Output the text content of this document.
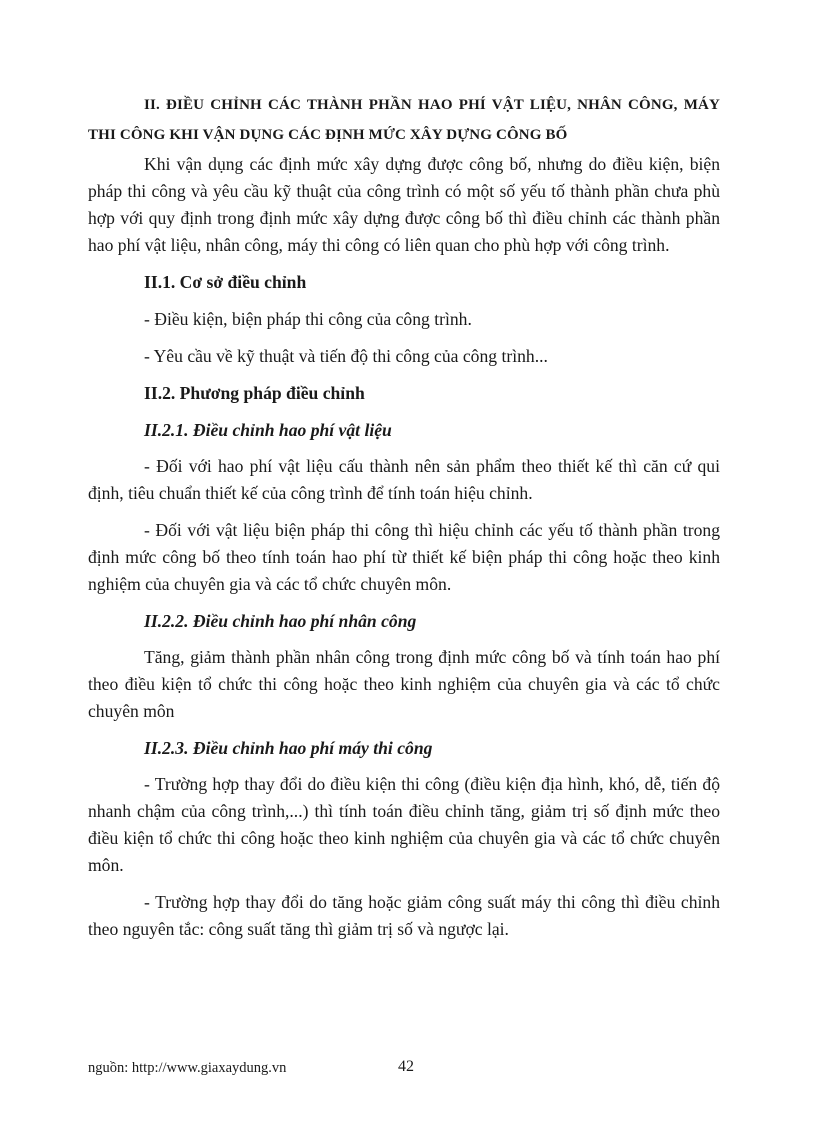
II. ĐIỀU CHỈNH CÁC THÀNH PHẦN HAO PHÍ VẬT LIỆU, NHÂN CÔNG, MÁY THI CÔNG KHI VẬN DỤNG CÁC ĐỊNH MỨC XÂY DỰNG CÔNG BỐ

Khi vận dụng các định mức xây dựng được công bố, nhưng do điều kiện, biện pháp thi công và yêu cầu kỹ thuật của công trình có một số yếu tố thành phần chưa phù hợp với quy định trong định mức xây dựng được công bố thì điều chỉnh các thành phần hao phí vật liệu, nhân công, máy thi công có liên quan cho phù hợp với công trình.

II.1. Cơ sở điều chỉnh

- Điều kiện, biện pháp thi công của công trình.

- Yêu cầu về kỹ thuật và tiến độ thi công của công trình...

II.2. Phương pháp điều chỉnh
II.2.1. Điều chỉnh hao phí vật liệu

- Đối với hao phí vật liệu cấu thành nên sản phẩm theo thiết kế thì căn cứ qui định, tiêu chuẩn thiết kế của công trình để tính toán hiệu chỉnh.

- Đối với vật liệu biện pháp thi công thì hiệu chỉnh các yếu tố thành phần trong định mức công bố theo tính toán hao phí từ thiết kế biện pháp thi công hoặc theo kinh nghiệm của chuyên gia và các tổ chức chuyên môn.

II.2.2. Điều chỉnh hao phí nhân công

Tăng, giảm thành phần nhân công trong định mức công bố và tính toán hao phí theo điều kiện tổ chức thi công hoặc theo kinh nghiệm của chuyên gia và các tổ chức chuyên môn

II.2.3. Điều chỉnh hao phí máy thi công

- Trường hợp thay đổi do điều kiện thi công (điều kiện địa hình, khó, dễ, tiến độ nhanh chậm của công trình,...) thì tính toán điều chỉnh tăng, giảm trị số định mức theo điều kiện tổ chức thi công hoặc theo kinh nghiệm của chuyên gia và các tổ chức chuyên môn.

- Trường hợp thay đổi do tăng hoặc giảm công suất máy thi công thì điều chỉnh theo nguyên tắc: công suất tăng thì giảm trị số và ngược lại.

nguồn: http://www.giaxaydung.vn	42
